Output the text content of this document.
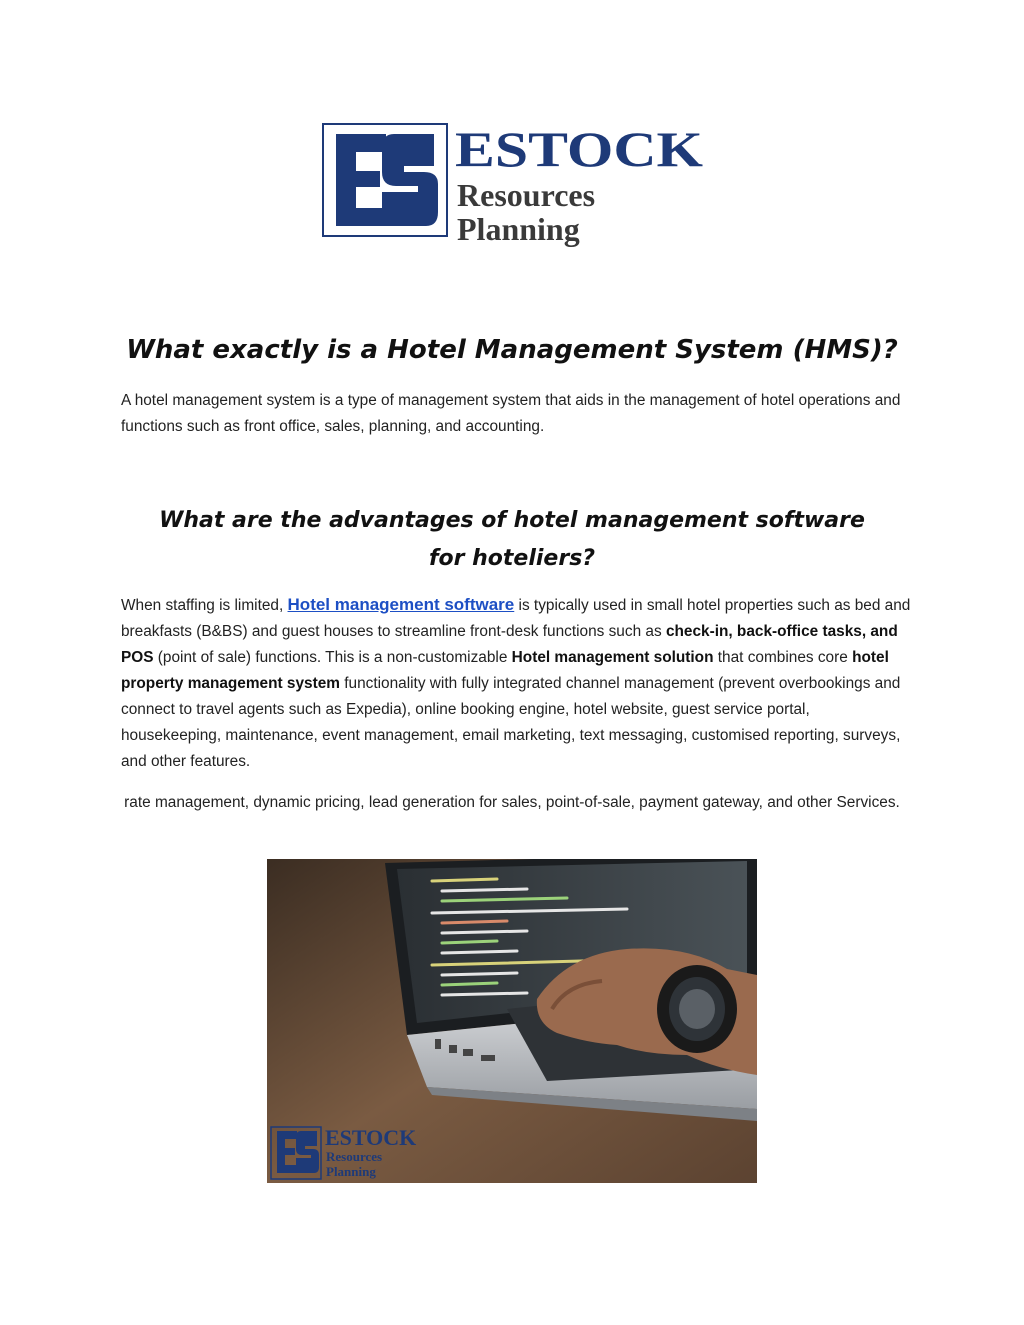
ESTOCK
Resources
Planning
What exactly is a Hotel Management System (HMS)?

A hotel management system is a type of management system that aids in the management of hotel operations and functions such as front office, sales, planning, and accounting.

What are the advantages of hotel management software for hoteliers?

When staffing is limited, Hotel management software is typically used in small hotel properties such as bed and breakfasts (B&BS) and guest houses to streamline front-desk functions such as check-in, back-office tasks, and POS (point of sale) functions. This is a non-customizable Hotel management solution that combines core hotel property management system functionality with fully integrated channel management (prevent overbookings and connect to travel agents such as Expedia), online booking engine, hotel website, guest service portal, housekeeping, maintenance, event management, email marketing, text messaging, customised reporting, surveys, and other features.

rate management, dynamic pricing, lead generation for sales, point-of-sale, payment gateway, and other Services.

ESTOCK
Resources
Planning
